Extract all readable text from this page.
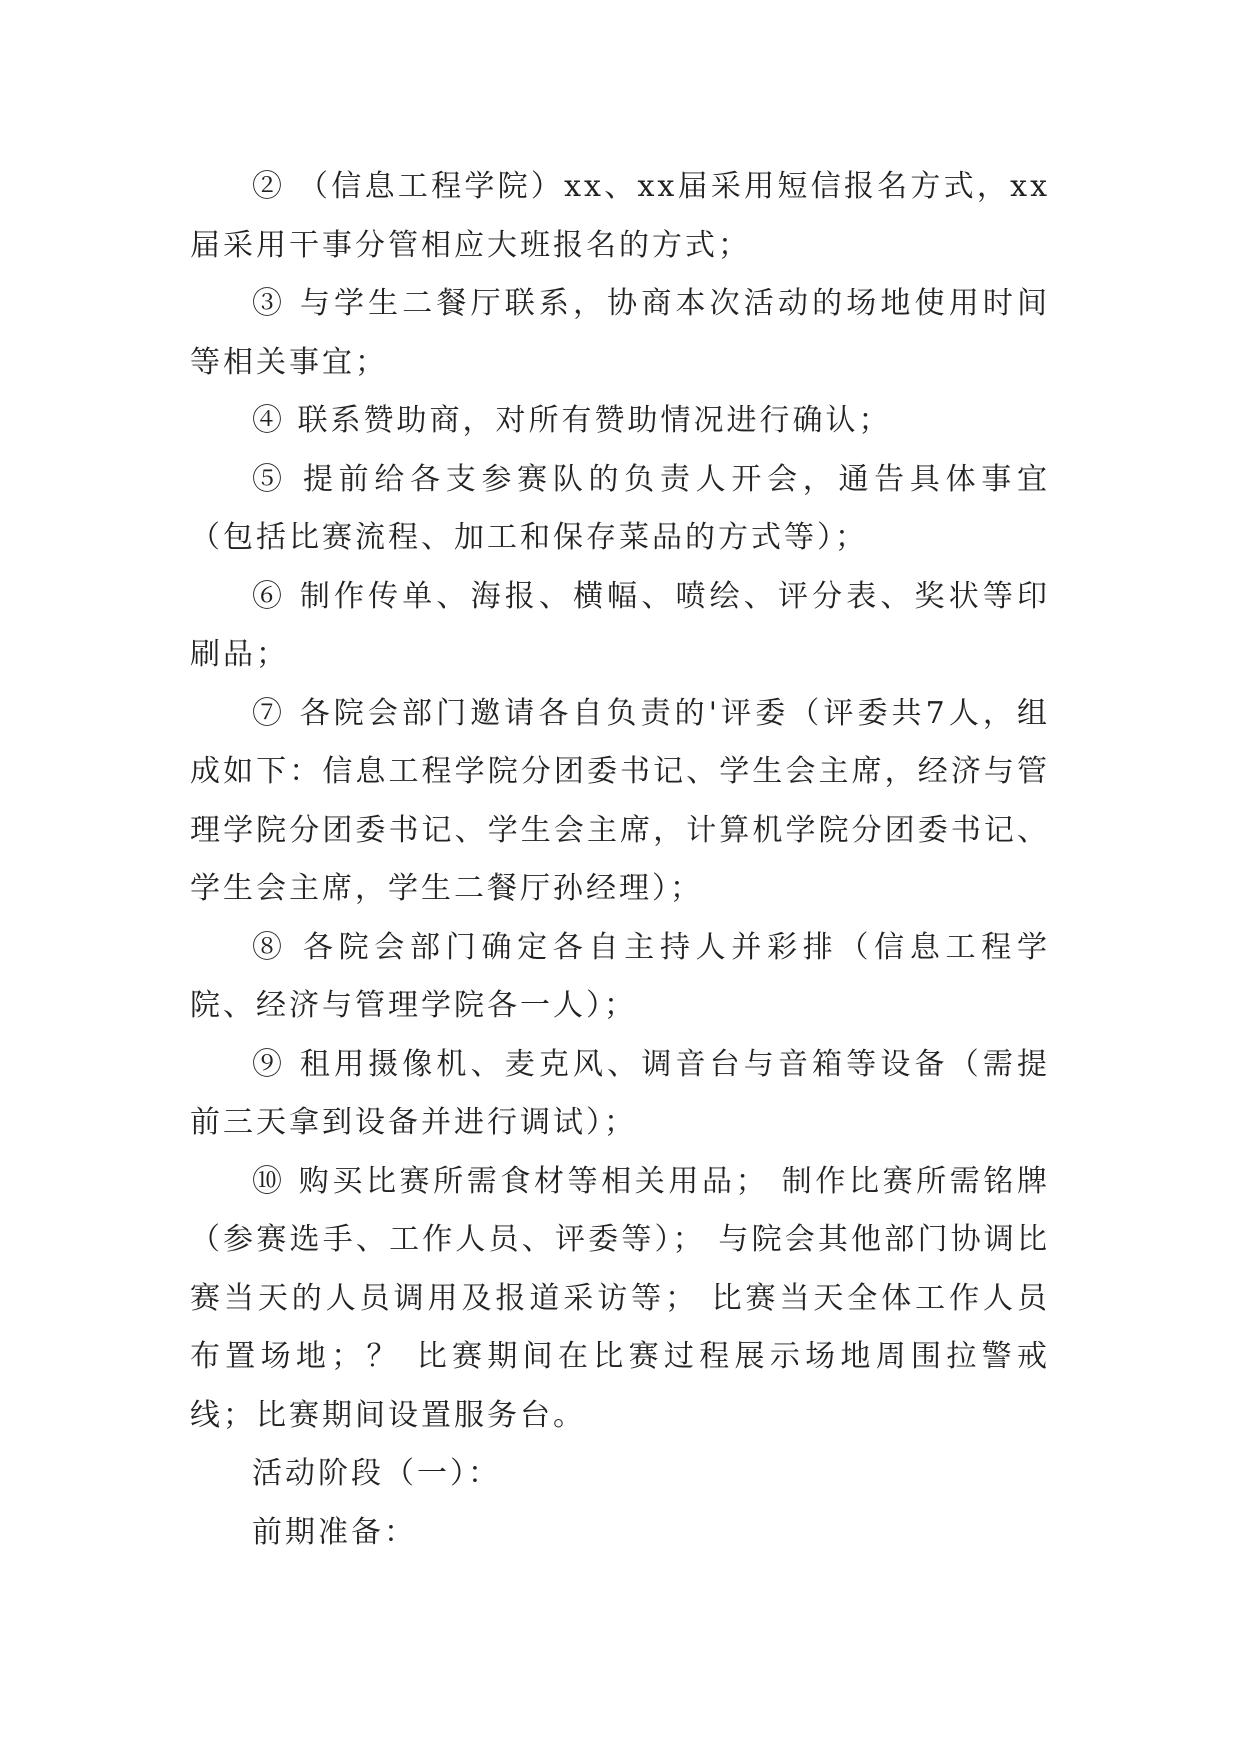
② （信息工程学院）xx、xx届采用短信报名方式，xx届采用干事分管相应大班报名的方式；

③ 与学生二餐厅联系，协商本次活动的场地使用时间等相关事宜；

④ 联系赞助商，对所有赞助情况进行确认；

⑤ 提前给各支参赛队的负责人开会，通告具体事宜（包括比赛流程、加工和保存菜品的方式等）；

⑥ 制作传单、海报、横幅、喷绘、评分表、奖状等印刷品；

⑦ 各院会部门邀请各自负责的'评委（评委共7人，组成如下：信息工程学院分团委书记、学生会主席，经济与管理学院分团委书记、学生会主席，计算机学院分团委书记、学生会主席，学生二餐厅孙经理）；

⑧ 各院会部门确定各自主持人并彩排（信息工程学院、经济与管理学院各一人）；

⑨ 租用摄像机、麦克风、调音台与音箱等设备（需提前三天拿到设备并进行调试）；

⑩ 购买比赛所需食材等相关用品； 制作比赛所需铭牌（参赛选手、工作人员、评委等）； 与院会其他部门协调比赛当天的人员调用及报道采访等； 比赛当天全体工作人员布置场地；？ 比赛期间在比赛过程展示场地周围拉警戒线；比赛期间设置服务台。

活动阶段（一）：

前期准备：
